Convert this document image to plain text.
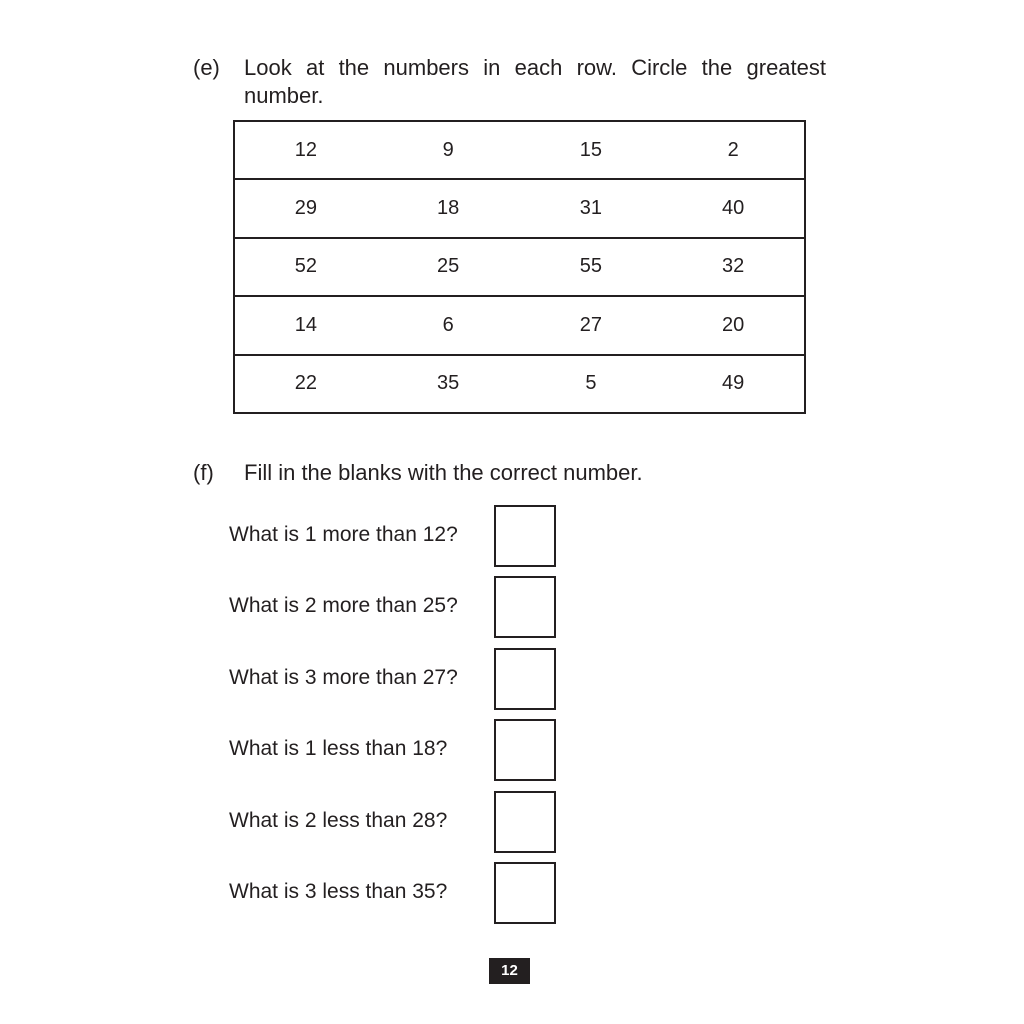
(e) Look at the numbers in each row. Circle the greatest number.
12	9	15	2
29	18	31	40
52	25	55	32
14	6	27	20
22	35	5	49
(f) Fill in the blanks with the correct number.
What is 1 more than 12?
What is 2 more than 25?
What is 3 more than 27?
What is 1 less than 18?
What is 2 less than 28?
What is 3 less than 35?
12
